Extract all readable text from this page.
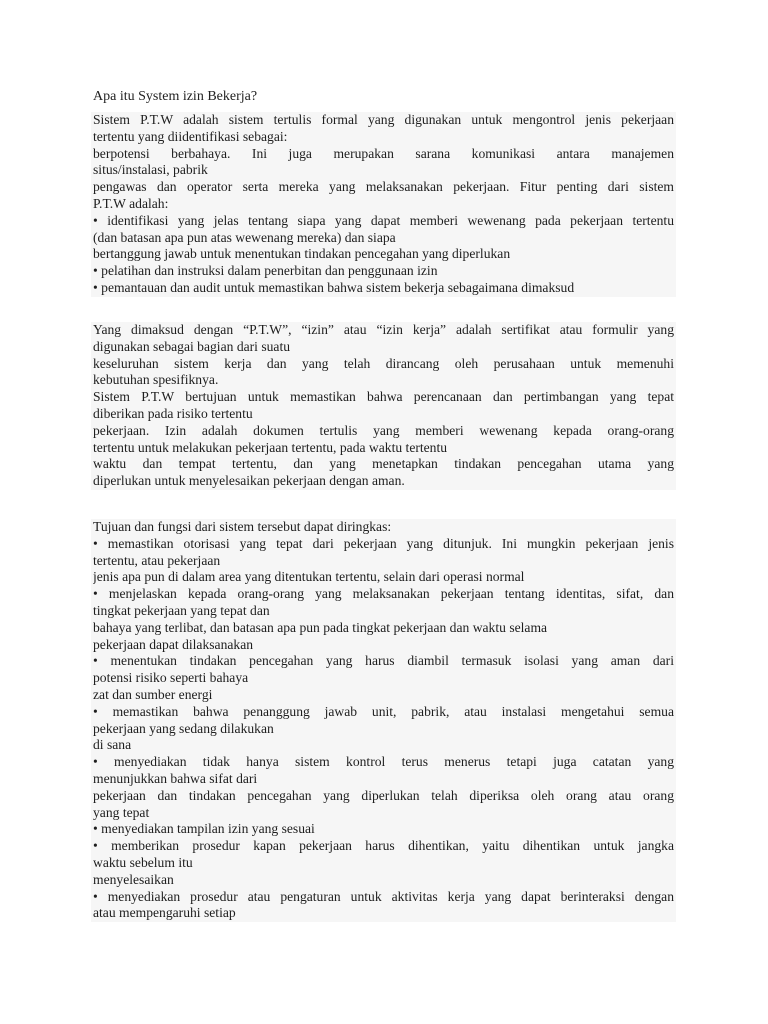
Apa itu System izin Bekerja?
Sistem P.T.W adalah sistem tertulis formal yang digunakan untuk mengontrol jenis pekerjaan
tertentu yang diidentifikasi sebagai:
berpotensi berbahaya. Ini juga merupakan sarana komunikasi antara manajemen
situs/instalasi, pabrik
pengawas dan operator serta mereka yang melaksanakan pekerjaan. Fitur penting dari sistem
P.T.W adalah:
• identifikasi yang jelas tentang siapa yang dapat memberi wewenang pada pekerjaan tertentu
(dan batasan apa pun atas wewenang mereka) dan siapa
bertanggung jawab untuk menentukan tindakan pencegahan yang diperlukan
• pelatihan dan instruksi dalam penerbitan dan penggunaan izin
• pemantauan dan audit untuk memastikan bahwa sistem bekerja sebagaimana dimaksud
Yang dimaksud dengan “P.T.W”, “izin” atau “izin kerja” adalah sertifikat atau formulir yang
digunakan sebagai bagian dari suatu
keseluruhan sistem kerja dan yang telah dirancang oleh perusahaan untuk memenuhi
kebutuhan spesifiknya.
Sistem P.T.W bertujuan untuk memastikan bahwa perencanaan dan pertimbangan yang tepat
diberikan pada risiko tertentu
pekerjaan. Izin adalah dokumen tertulis yang memberi wewenang kepada orang-orang
tertentu untuk melakukan pekerjaan tertentu, pada waktu tertentu
waktu dan tempat tertentu, dan yang menetapkan tindakan pencegahan utama yang
diperlukan untuk menyelesaikan pekerjaan dengan aman.
Tujuan dan fungsi dari sistem tersebut dapat diringkas:
• memastikan otorisasi yang tepat dari pekerjaan yang ditunjuk. Ini mungkin pekerjaan jenis
tertentu, atau pekerjaan
jenis apa pun di dalam area yang ditentukan tertentu, selain dari operasi normal
• menjelaskan kepada orang-orang yang melaksanakan pekerjaan tentang identitas, sifat, dan
tingkat pekerjaan yang tepat dan
bahaya yang terlibat, dan batasan apa pun pada tingkat pekerjaan dan waktu selama
pekerjaan dapat dilaksanakan
• menentukan tindakan pencegahan yang harus diambil termasuk isolasi yang aman dari
potensi risiko seperti bahaya
zat dan sumber energi
• memastikan bahwa penanggung jawab unit, pabrik, atau instalasi mengetahui semua
pekerjaan yang sedang dilakukan
di sana
• menyediakan tidak hanya sistem kontrol terus menerus tetapi juga catatan yang
menunjukkan bahwa sifat dari
pekerjaan dan tindakan pencegahan yang diperlukan telah diperiksa oleh orang atau orang
yang tepat
• menyediakan tampilan izin yang sesuai
• memberikan prosedur kapan pekerjaan harus dihentikan, yaitu dihentikan untuk jangka
waktu sebelum itu
menyelesaikan
• menyediakan prosedur atau pengaturan untuk aktivitas kerja yang dapat berinteraksi dengan
atau mempengaruhi setiap
